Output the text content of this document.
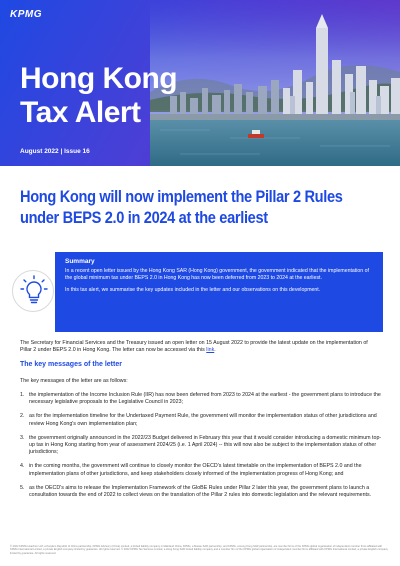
KPMG
Hong Kong
Tax Alert
August 2022 | Issue 16
Hong Kong will now implement the Pillar 2 Rules under BEPS 2.0 in 2024 at the earliest
Summary

In a recent open letter issued by the Hong Kong SAR (Hong Kong) government, the government indicated that the implementation of the global minimum tax under BEPS 2.0 in Hong Kong has now been deferred from 2023 to 2024 at the earliest.

In this tax alert, we summarise the key updates included in the letter and our observations on this development.

The Secretary for Financial Services and the Treasury issued an open letter on 15 August 2022 to provide the latest update on the implementation of Pillar 2 under BEPS 2.0 in Hong Kong. The letter can now be accessed via this link.
The key messages of the letter
The key messages of the letter are as follows:
1. the implementation of the Income Inclusion Rule (IIR) has now been deferred from 2023 to 2024 at the earliest - the government plans to introduce the necessary legislative proposals to the Legislative Council in 2023;
2. as for the implementation timeline for the Undertaxed Payment Rule, the government will monitor the implementation status of other jurisdictions and review Hong Kong's own implementation plan;
3. the government originally announced in the 2022/23 Budget delivered in February this year that it would consider introducing a domestic minimum top-up tax in Hong Kong starting from year of assessment 2024/25 (i.e. 1 April 2024) -- this will now also be subject to the implementation status of other jurisdictions;
4. in the coming months, the government will continue to closely monitor the OECD's latest timetable on the implementation of BEPS 2.0 and the implementation plans of other jurisdictions, and keep stakeholders closely informed of the implementation progress of Hong Kong; and
5. as the OECD's aims to release the Implementation Framework of the GloBE Rules under Pillar 2 later this year, the government plans to launch a consultation towards the end of 2022 to collect views on the translation of the Pillar 2 rules into domestic legislation and the relevant requirements.
© 2022 KPMG Huazhen LLP, a People's Republic of China partnership, KPMG Advisory (China) Limited, a limited liability company in Mainland China, KPMG, a Macau SAR partnership, and KPMG, a Hong Kong SAR partnership, are member firms of the KPMG global organisation of independent member firms affiliated with KPMG International Limited, a private English company limited by guarantee. All rights reserved. © 2022 KPMG Tax Services Limited, a Hong Kong SAR limited liability company and a member firm of the KPMG global organisation of independent member firms affiliated with KPMG International Limited, a private English company limited by guarantee. All rights reserved.
